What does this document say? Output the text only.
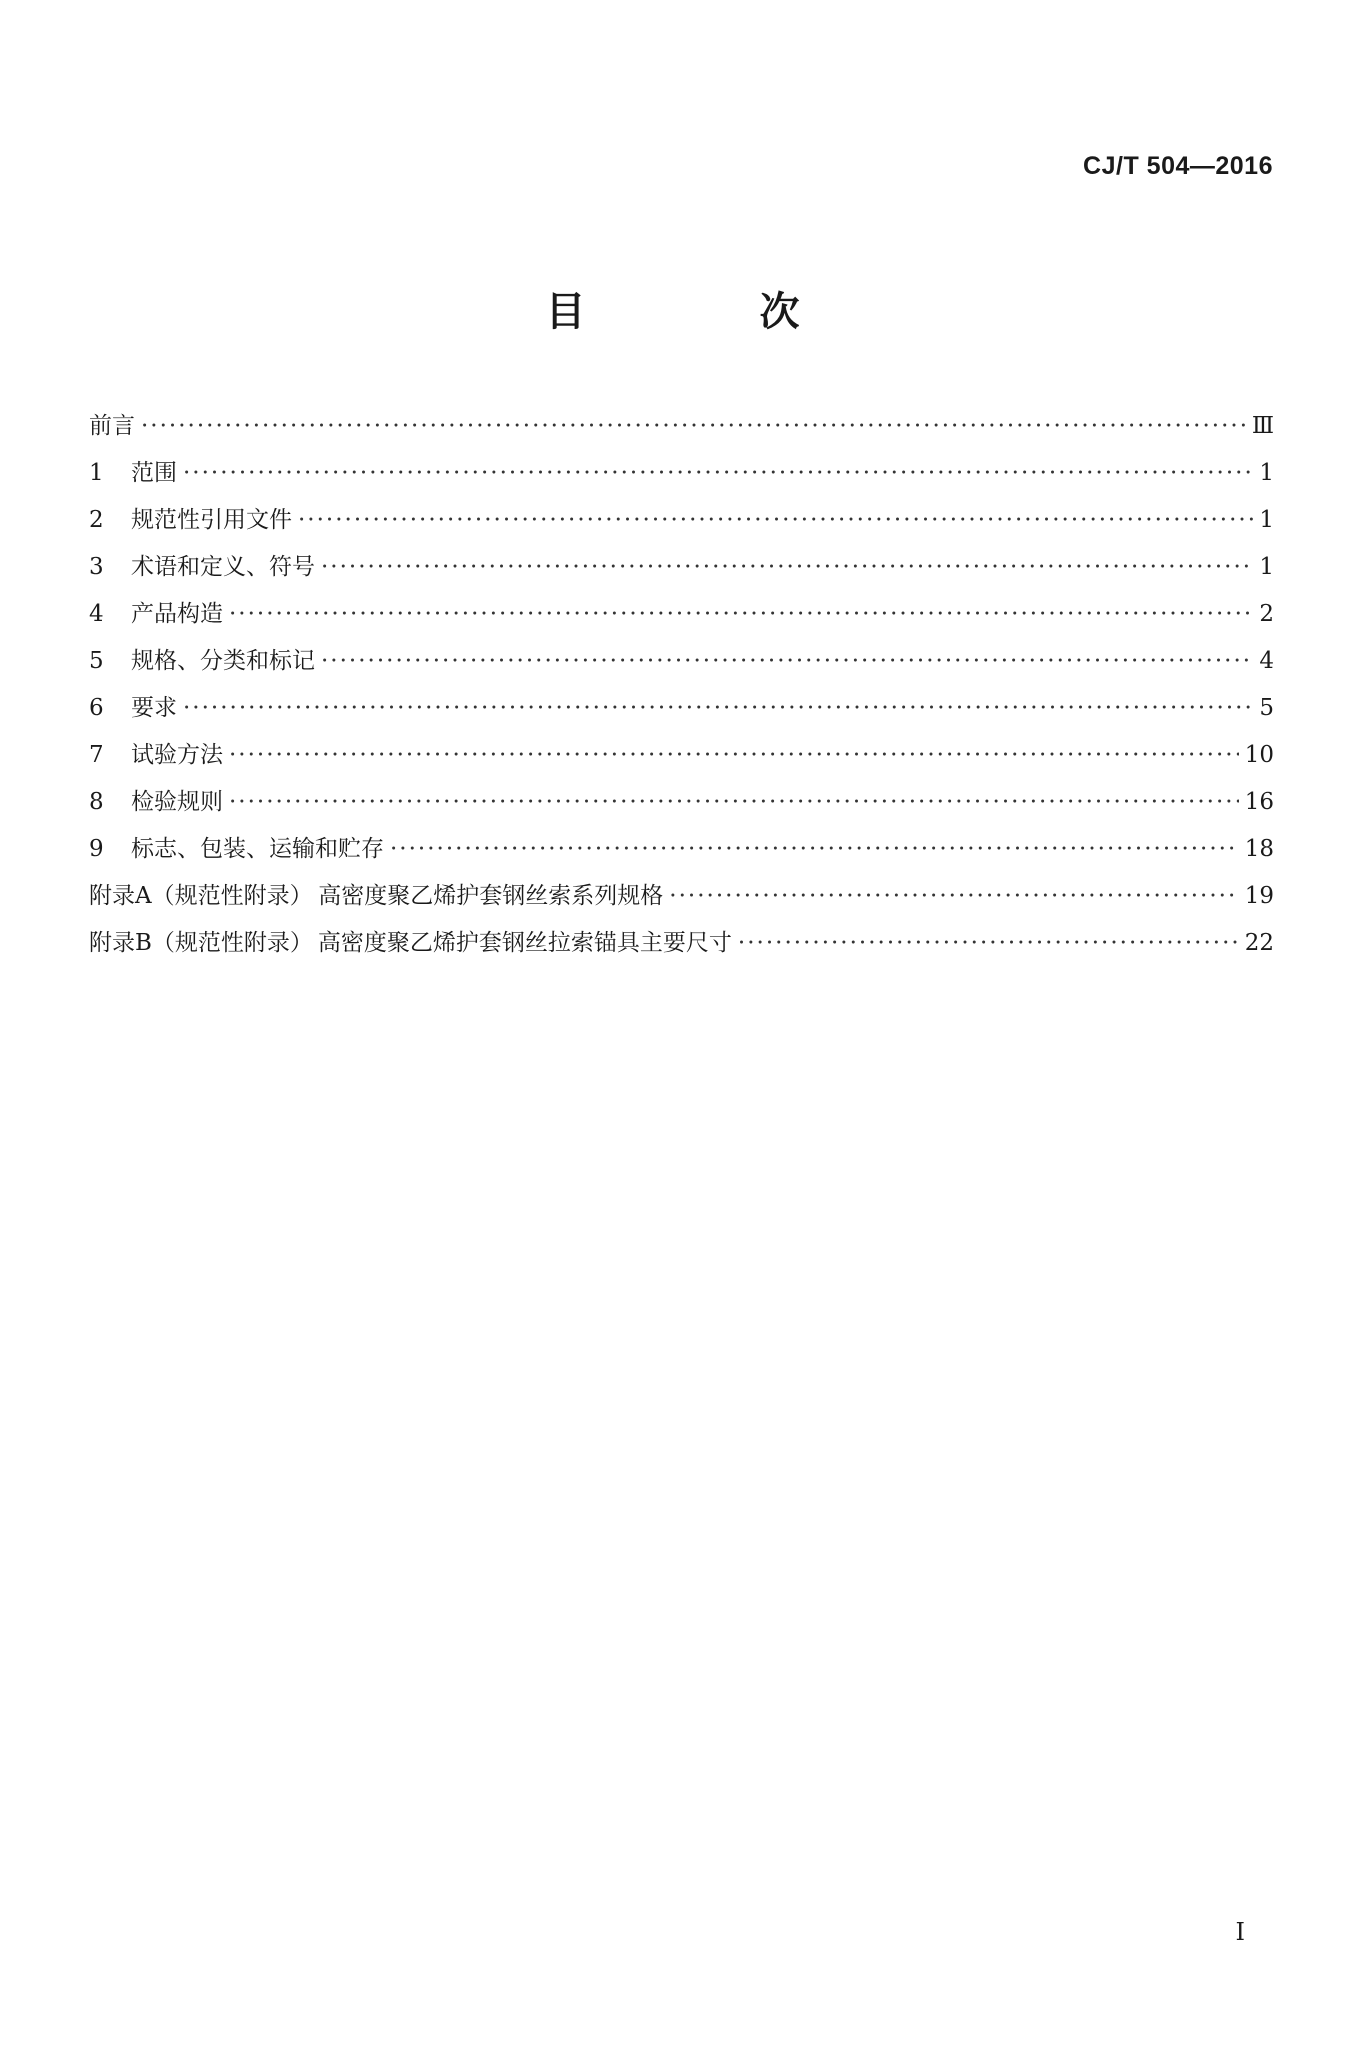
CJ/T 504—2016
目 次
前言 ·····	Ⅲ
1	范围 ·····	1
2	规范性引用文件 ·····	1
3	术语和定义、符号 ·····	1
4	产品构造 ·····	2
5	规格、分类和标记 ·····	4
6	要求 ·····	5
7	试验方法 ·····	10
8	检验规则 ·····	16
9	标志、包装、运输和贮存 ·····	18
附录A（规范性附录） 高密度聚乙烯护套钢丝索系列规格 ·····	19
附录B（规范性附录） 高密度聚乙烯护套钢丝拉索锚具主要尺寸 ·····	22
I
